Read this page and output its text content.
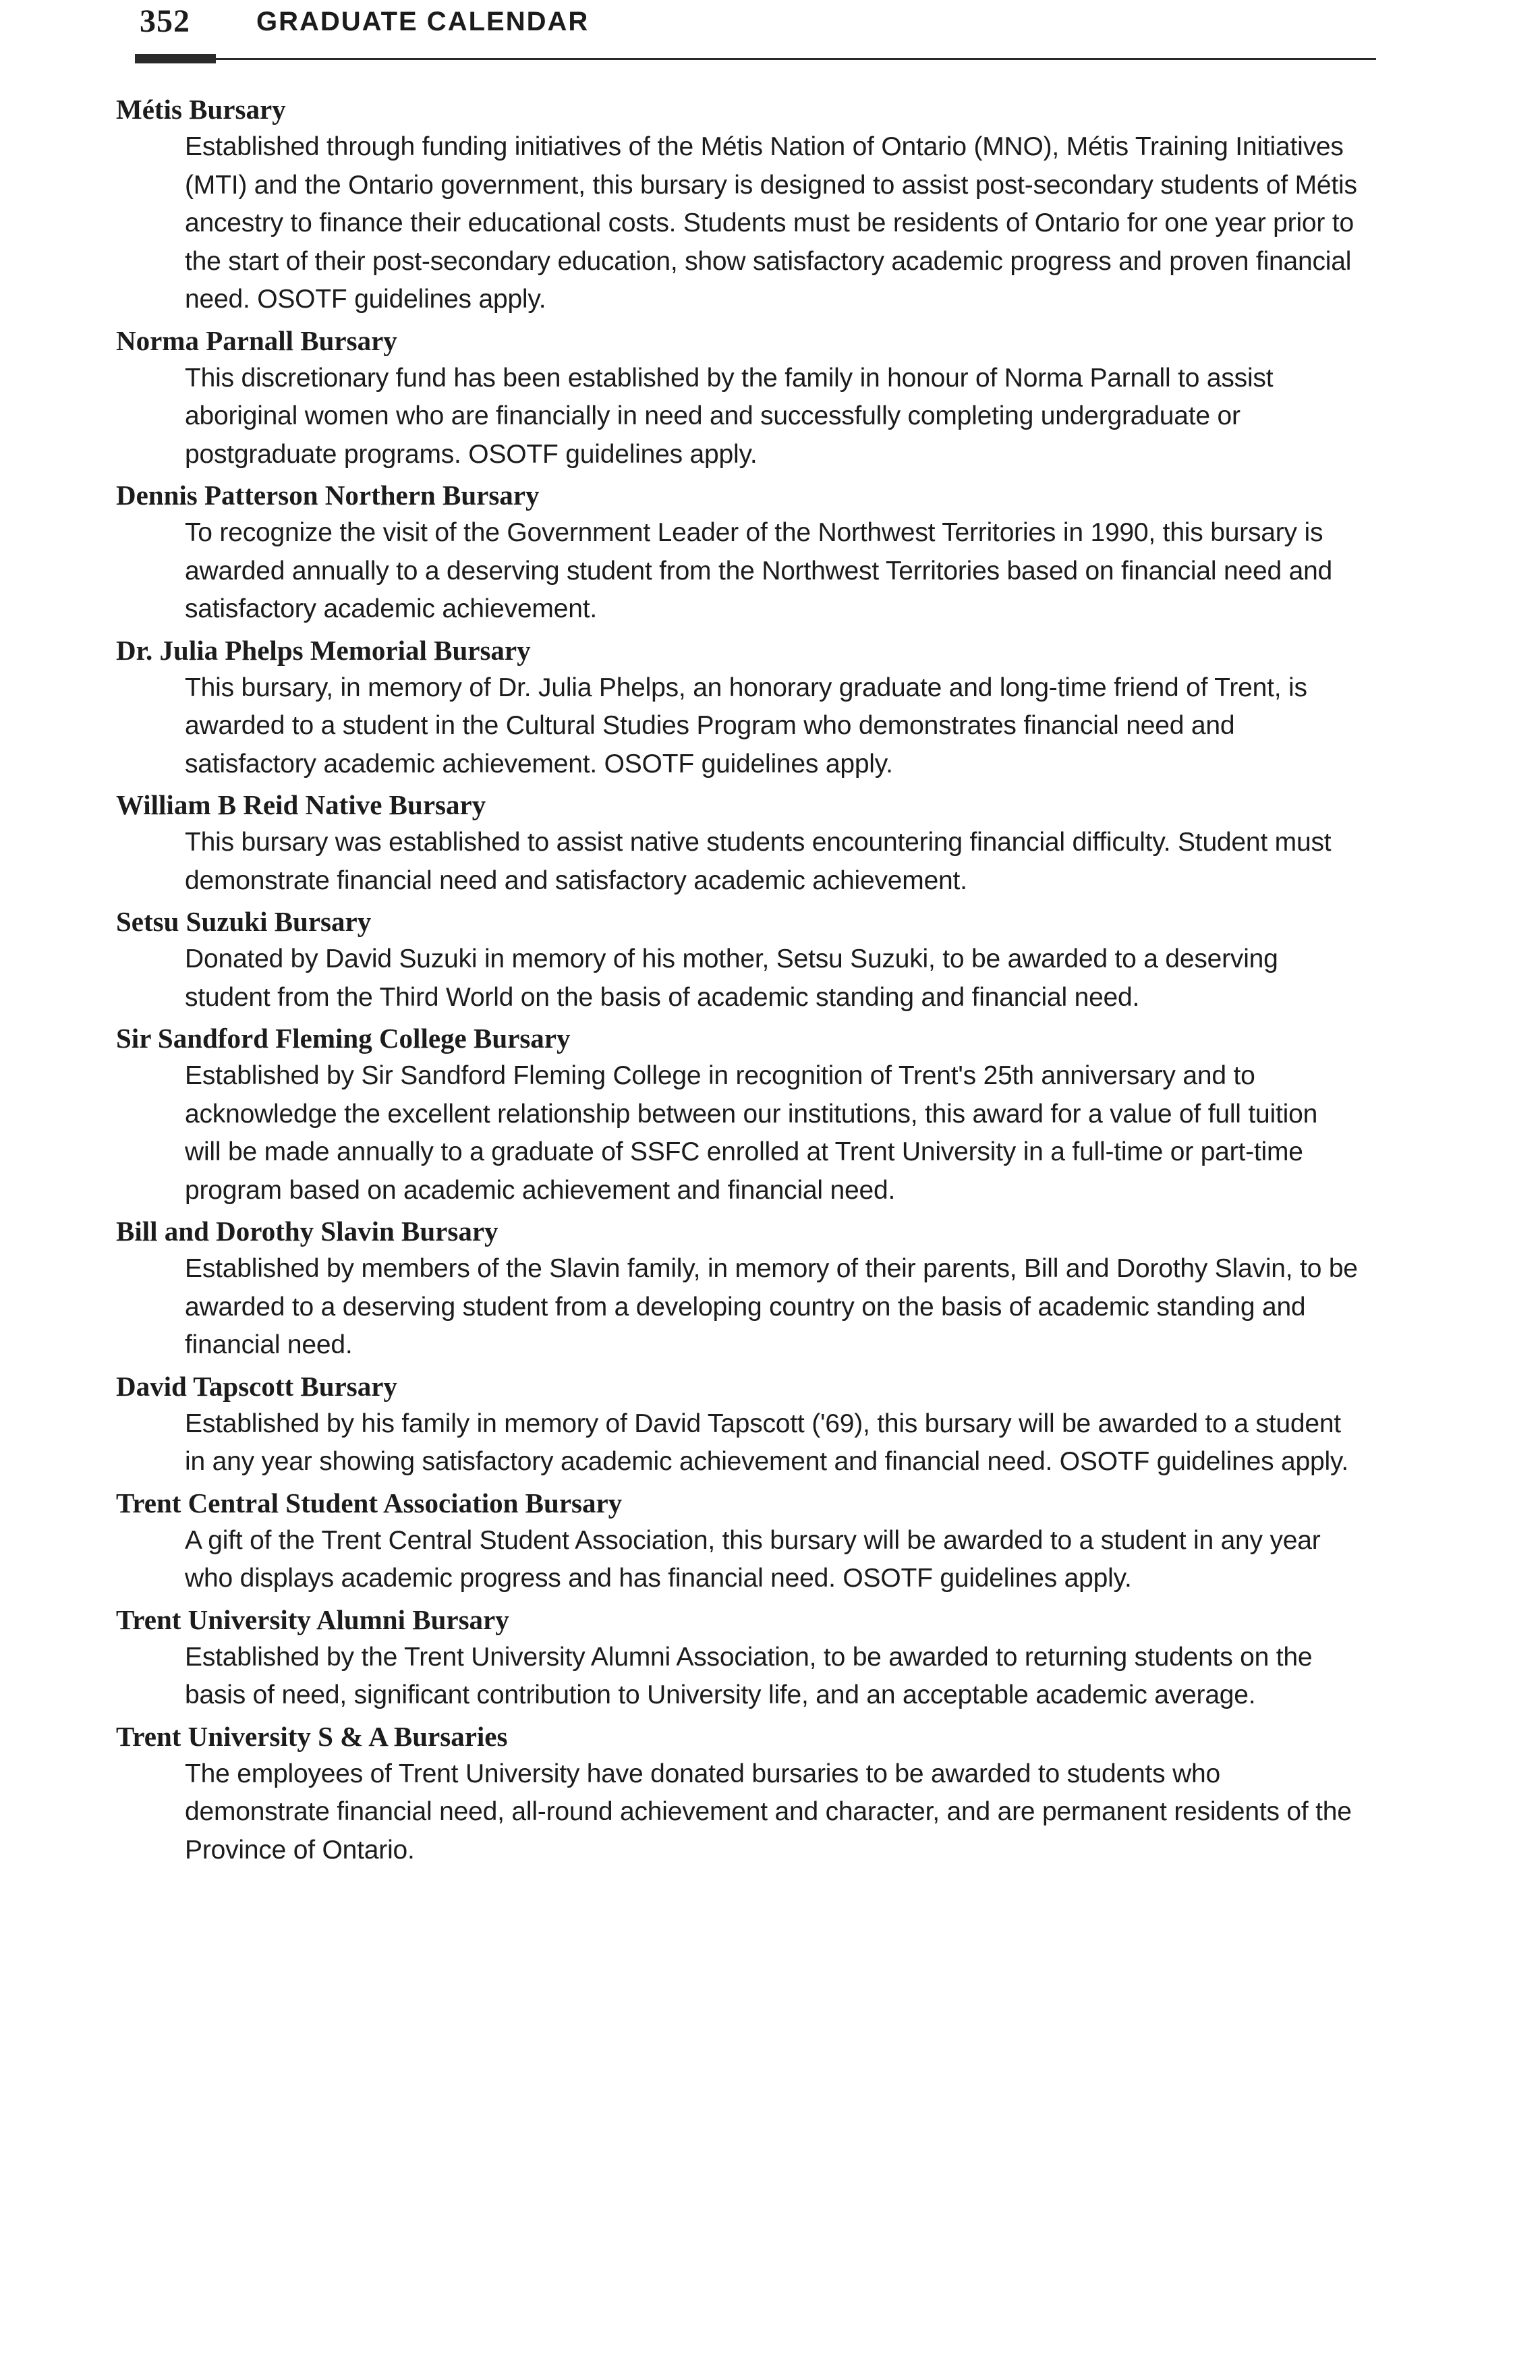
352 GRADUATE CALENDAR
Métis Bursary
Established through funding initiatives of the Métis Nation of Ontario (MNO), Métis Training Initiatives (MTI) and the Ontario government, this bursary is designed to assist post-secondary students of Métis ancestry to finance their educational costs. Students must be residents of Ontario for one year prior to the start of their post-secondary education, show satisfactory academic progress and proven financial need. OSOTF guidelines apply.
Norma Parnall Bursary
This discretionary fund has been established by the family in honour of Norma Parnall to assist aboriginal women who are financially in need and successfully completing undergraduate or postgraduate programs. OSOTF guidelines apply.
Dennis Patterson Northern Bursary
To recognize the visit of the Government Leader of the Northwest Territories in 1990, this bursary is awarded annually to a deserving student from the Northwest Territories based on financial need and satisfactory academic achievement.
Dr. Julia Phelps Memorial Bursary
This bursary, in memory of Dr. Julia Phelps, an honorary graduate and long-time friend of Trent, is awarded to a student in the Cultural Studies Program who demonstrates financial need and satisfactory academic achievement. OSOTF guidelines apply.
William B Reid Native Bursary
This bursary was established to assist native students encountering financial difficulty. Student must demonstrate financial need and satisfactory academic achievement.
Setsu Suzuki Bursary
Donated by David Suzuki in memory of his mother, Setsu Suzuki, to be awarded to a deserving student from the Third World on the basis of academic standing and financial need.
Sir Sandford Fleming College Bursary
Established by Sir Sandford Fleming College in recognition of Trent's 25th anniversary and to acknowledge the excellent relationship between our institutions, this award for a value of full tuition will be made annually to a graduate of SSFC enrolled at Trent University in a full-time or part-time program based on academic achievement and financial need.
Bill and Dorothy Slavin Bursary
Established by members of the Slavin family, in memory of their parents, Bill and Dorothy Slavin, to be awarded to a deserving student from a developing country on the basis of academic standing and financial need.
David Tapscott Bursary
Established by his family in memory of David Tapscott ('69), this bursary will be awarded to a student in any year showing satisfactory academic achievement and financial need. OSOTF guidelines apply.
Trent Central Student Association Bursary
A gift of the Trent Central Student Association, this bursary will be awarded to a student in any year who displays academic progress and has financial need. OSOTF guidelines apply.
Trent University Alumni Bursary
Established by the Trent University Alumni Association, to be awarded to returning students on the basis of need, significant contribution to University life, and an acceptable academic average.
Trent University S & A Bursaries
The employees of Trent University have donated bursaries to be awarded to students who demonstrate financial need, all-round achievement and character, and are permanent residents of the Province of Ontario.
